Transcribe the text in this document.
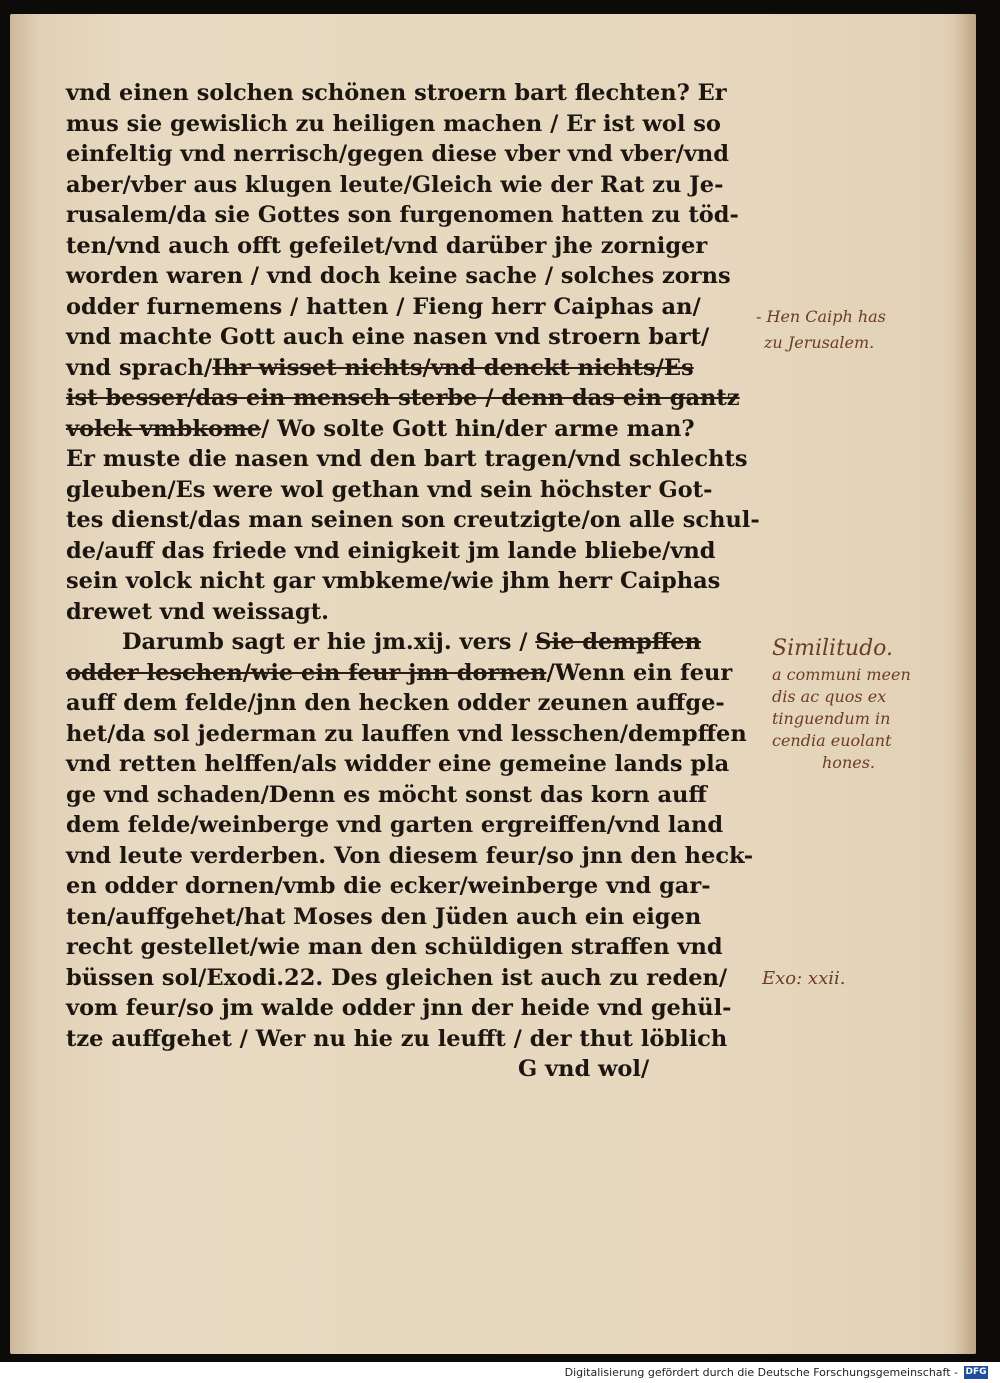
vnd einen solchen schönen stroern bart flechten? Er
mus sie gewislich zu heiligen machen / Er ist wol so
einfeltig vnd nerrisch/gegen diese vber vnd vber/vnd
aber/vber aus klugen leute/Gleich wie der Rat zu Je-
rusalem/da sie Gottes son furgenomen hatten zu töd-
ten/vnd auch offt gefeilet/vnd darüber jhe zorniger
worden waren / vnd doch keine sache / solches zorns
odder furnemens / hatten / Fieng herr Caiphas an/
vnd machte Gott auch eine nasen vnd stroern bart/
vnd sprach/Ihr wisset nichts/vnd denckt nichts/Es
ist besser/das ein mensch sterbe / denn das ein gantz
volck vmbkome/ Wo solte Gott hin/der arme man?
Er muste die nasen vnd den bart tragen/vnd schlechts
gleuben/Es were wol gethan vnd sein höchster Got-
tes dienst/das man seinen son creutzigte/on alle schul-
de/auff das friede vnd einigkeit jm lande bliebe/vnd
sein volck nicht gar vmbkeme/wie jhm herr Caiphas
drewet vnd weissagt.
Darumb sagt er hie jm.xij. vers / Sie dempffen
odder leschen/wie ein feur jnn dornen/Wenn ein feur
auff dem felde/jnn den hecken odder zeunen auffge-
het/da sol jederman zu lauffen vnd lesschen/dempffen
vnd retten helffen/als widder eine gemeine lands pla
ge vnd schaden/Denn es möcht sonst das korn auff
dem felde/weinberge vnd garten ergreiffen/vnd land
vnd leute verderben. Von diesem feur/so jnn den heck-
en odder dornen/vmb die ecker/weinberge vnd gar-
ten/auffgehet/hat Moses den Jüden auch ein eigen
recht gestellet/wie man den schüldigen straffen vnd
büssen sol/Exodi.22. Des gleichen ist auch zu reden/
vom feur/so jm walde odder jnn der heide vnd gehül-
tze auffgehet / Wer nu hie zu leufft / der thut löblich
G vnd wol/
- Hen Caiph has
zu Jerusalem.
Similitudo.
a communi meen
dis ac quos ex
tinguendum in
cendia euolant
hones.
Exo: xxii.
Digitalisierung gefördert durch die Deutsche Forschungsgemeinschaft - DFG
